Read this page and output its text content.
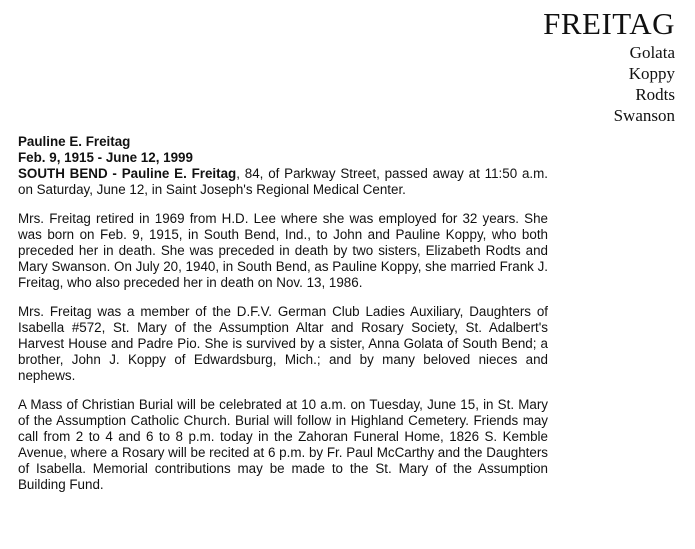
FREITAG
Golata
Koppy
Rodts
Swanson
Pauline E. Freitag
Feb. 9, 1915 - June 12, 1999

SOUTH BEND - Pauline E. Freitag, 84, of Parkway Street, passed away at 11:50 a.m. on Saturday, June 12, in Saint Joseph's Regional Medical Center.

Mrs. Freitag retired in 1969 from H.D. Lee where she was employed for 32 years. She was born on Feb. 9, 1915, in South Bend, Ind., to John and Pauline Koppy, who both preceded her in death. She was preceded in death by two sisters, Elizabeth Rodts and Mary Swanson. On July 20, 1940, in South Bend, as Pauline Koppy, she married Frank J. Freitag, who also preceded her in death on Nov. 13, 1986.

Mrs. Freitag was a member of the D.F.V. German Club Ladies Auxiliary, Daughters of Isabella #572, St. Mary of the Assumption Altar and Rosary Society, St. Adalbert's Harvest House and Padre Pio. She is survived by a sister, Anna Golata of South Bend; a brother, John J. Koppy of Edwardsburg, Mich.; and by many beloved nieces and nephews.

A Mass of Christian Burial will be celebrated at 10 a.m. on Tuesday, June 15, in St. Mary of the Assumption Catholic Church. Burial will follow in Highland Cemetery. Friends may call from 2 to 4 and 6 to 8 p.m. today in the Zahoran Funeral Home, 1826 S. Kemble Avenue, where a Rosary will be recited at 6 p.m. by Fr. Paul McCarthy and the Daughters of Isabella. Memorial contributions may be made to the St. Mary of the Assumption Building Fund.
